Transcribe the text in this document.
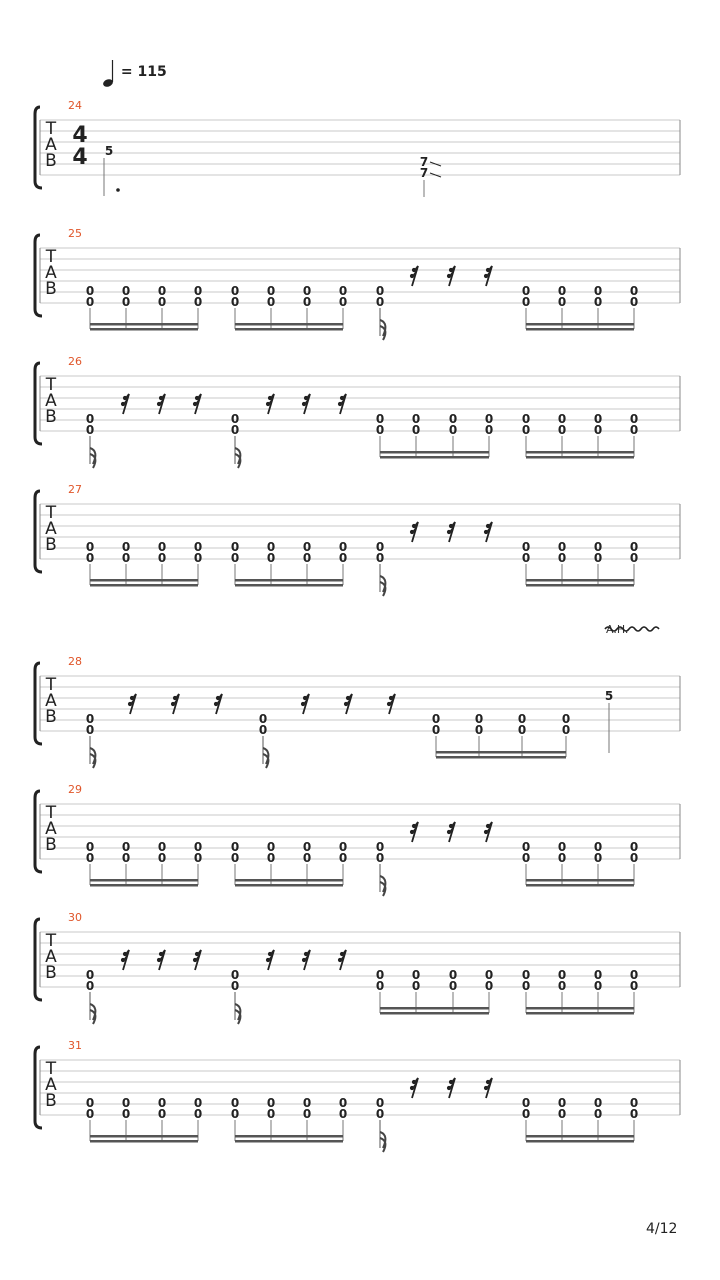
= 115
T
A
B
24
4
4 5
7
7
T
A
B
25
0
0
0
0
0
0
0
0
0
0
0
0
0
0
0
0
0
0
0
0
0
0
0
0
0
0
T
A
B
26
0
0
0
0
0
0
0
0
0
0
0
0
0
0
0
0
0
0
0
0
T
A
B
27
0
0
0
0
0
0
0
0
0
0
0
0
0
0
0
0
0
0
0
0
0
0
0
0
0
0
T
A
B
28
0
0
0
0
0
0
0
0
0
0
0
0
5
A.H.
T
A
B
29
0
0
0
0
0
0
0
0
0
0
0
0
0
0
0
0
0
0
0
0
0
0
0
0
0
0
T
A
B
30
0
0
0
0
0
0
0
0
0
0
0
0
0
0
0
0
0
0
0
0
T
A
B
31
0
0
0
0
0
0
0
0
0
0
0
0
0
0
0
0
0
0
0
0
0
0
0
0
0
0
4/12
